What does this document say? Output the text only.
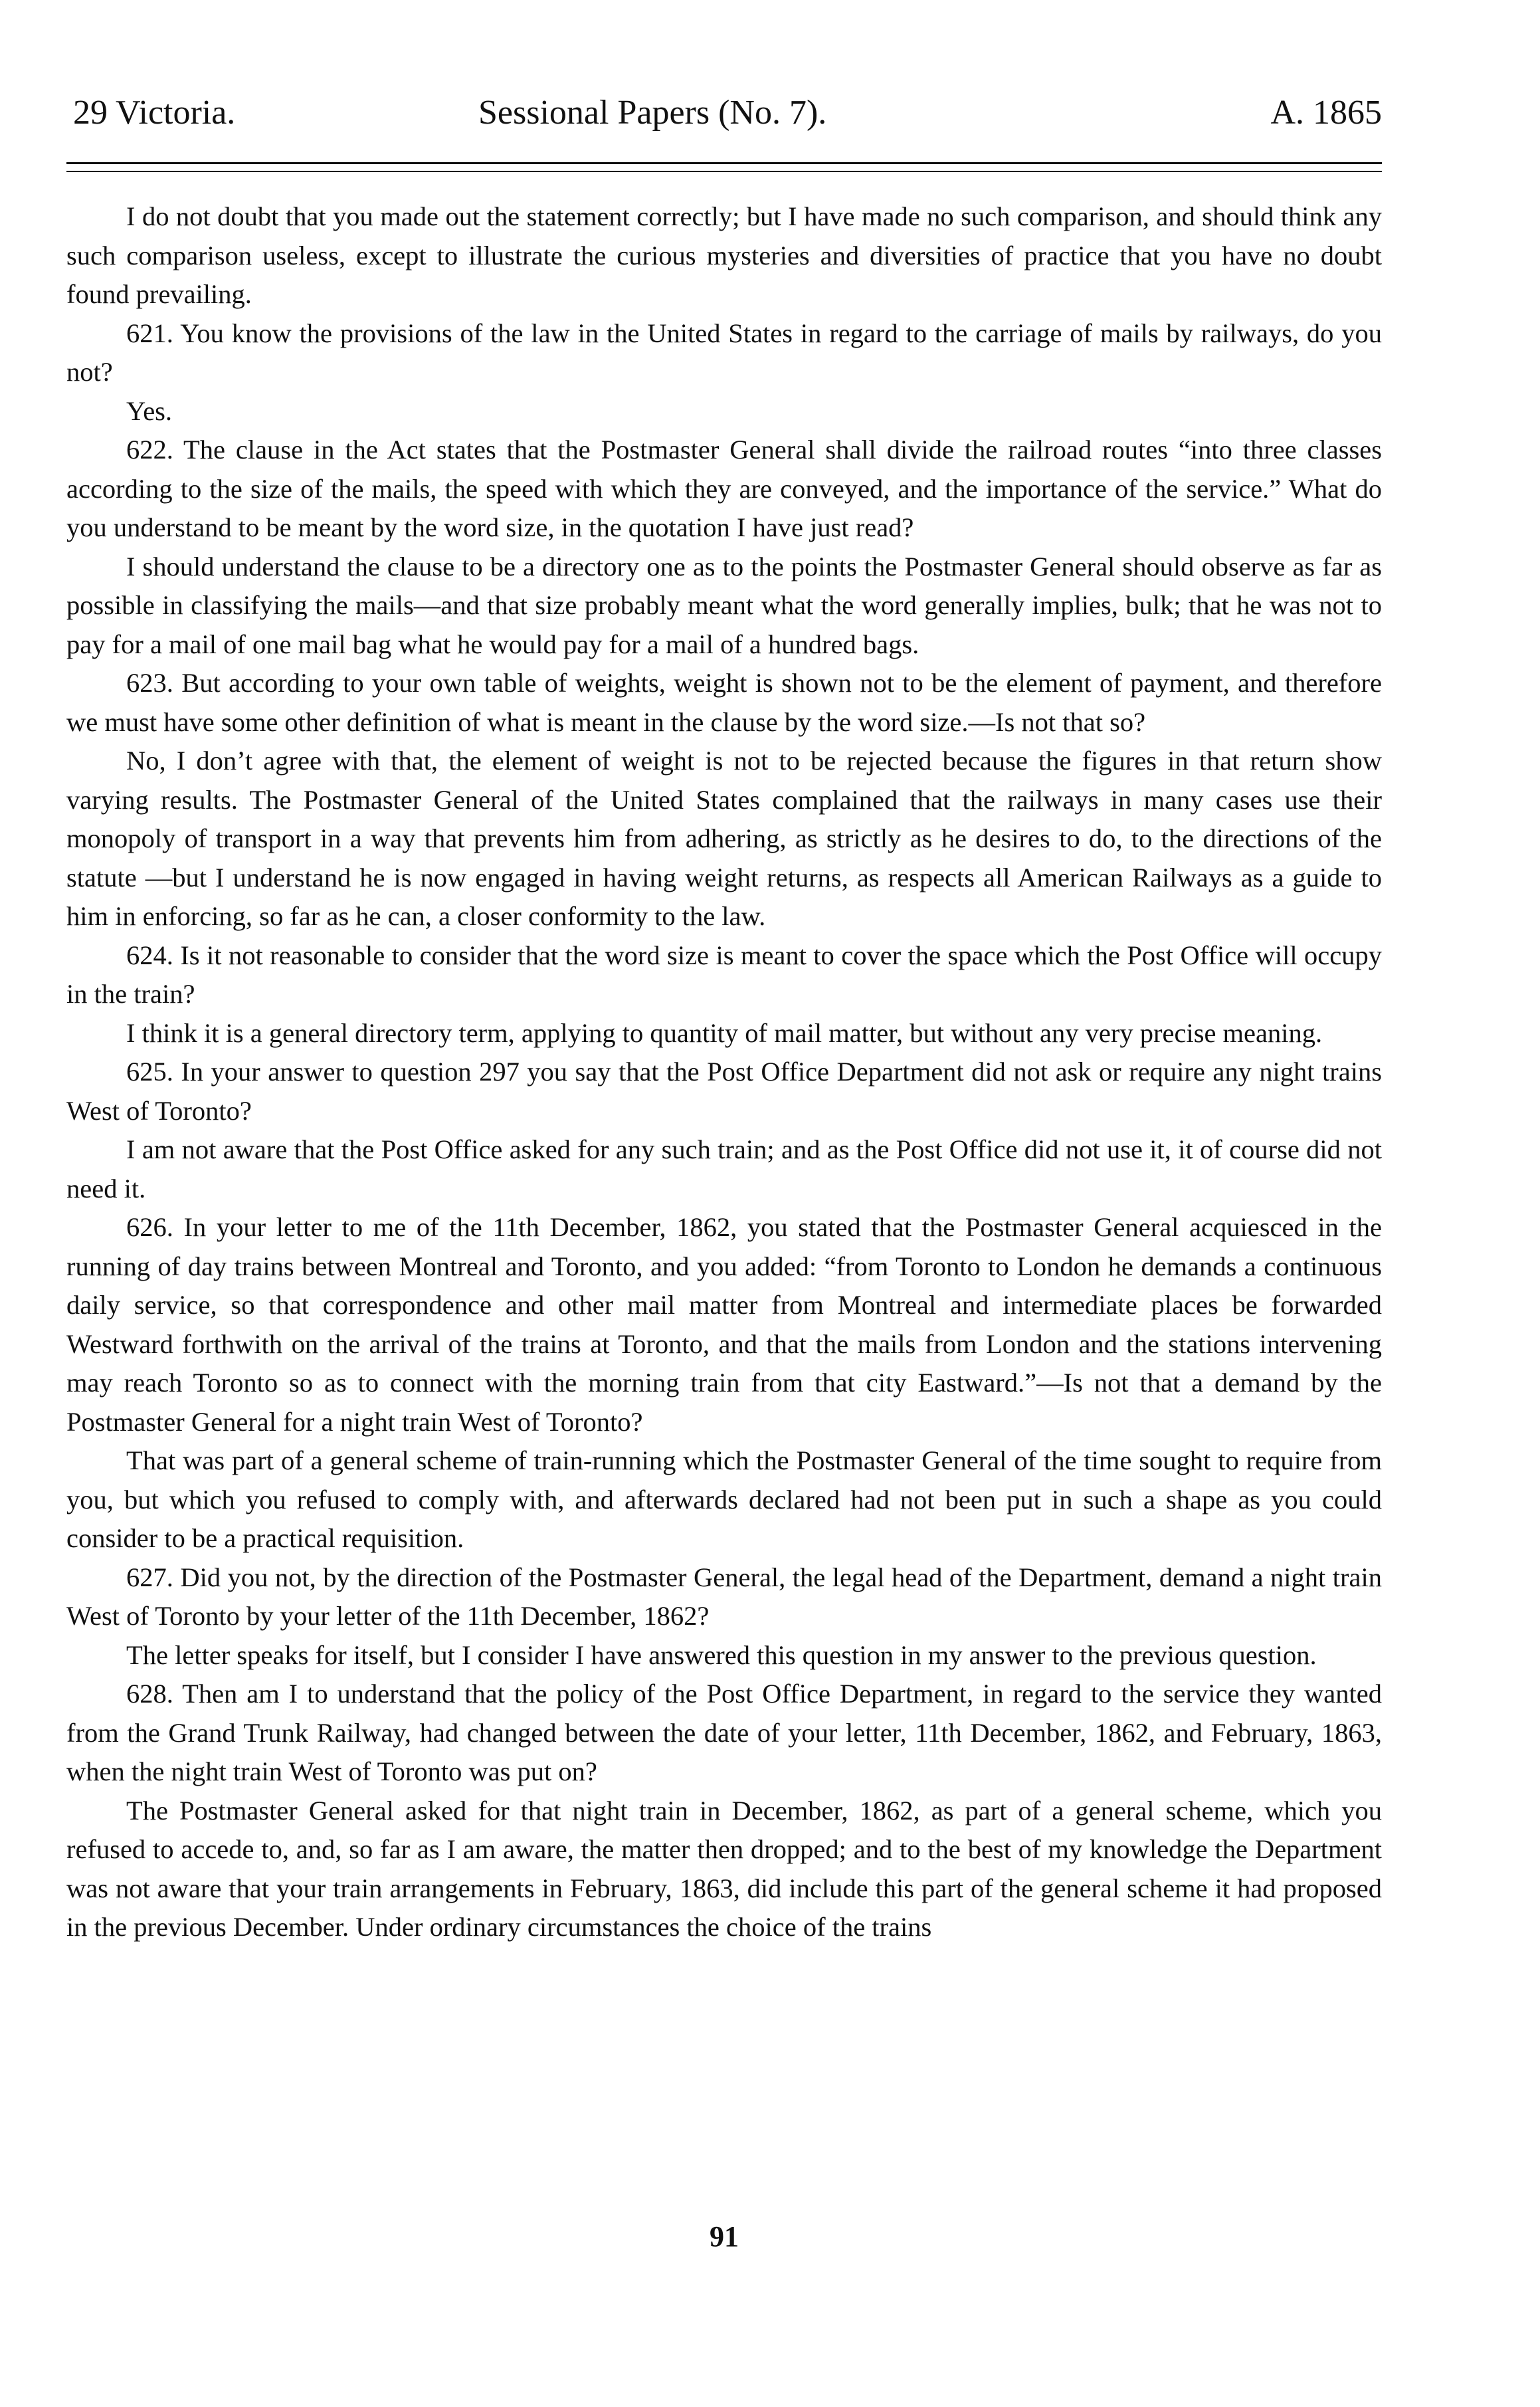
29 Victoria.	Sessional Papers (No. 7).	A. 1865

I do not doubt that you made out the statement correctly; but I have made no such comparison, and should think any such comparison useless, except to illustrate the curious mysteries and diversities of practice that you have no doubt found prevailing.

621. You know the provisions of the law in the United States in regard to the carriage of mails by railways, do you not?

Yes.

622. The clause in the Act states that the Postmaster General shall divide the railroad routes “into three classes according to the size of the mails, the speed with which they are conveyed, and the importance of the service.” What do you understand to be meant by the word size, in the quotation I have just read?

I should understand the clause to be a directory one as to the points the Postmaster General should observe as far as possible in classifying the mails—and that size probably meant what the word generally implies, bulk; that he was not to pay for a mail of one mail bag what he would pay for a mail of a hundred bags.

623. But according to your own table of weights, weight is shown not to be the element of payment, and therefore we must have some other definition of what is meant in the clause by the word size.—Is not that so?

No, I don’t agree with that, the element of weight is not to be rejected because the figures in that return show varying results. The Postmaster General of the United States complained that the railways in many cases use their monopoly of transport in a way that prevents him from adhering, as strictly as he desires to do, to the directions of the statute —but I understand he is now engaged in having weight returns, as respects all American Railways as a guide to him in enforcing, so far as he can, a closer conformity to the law.

624. Is it not reasonable to consider that the word size is meant to cover the space which the Post Office will occupy in the train?

I think it is a general directory term, applying to quantity of mail matter, but without any very precise meaning.

625. In your answer to question 297 you say that the Post Office Department did not ask or require any night trains West of Toronto?

I am not aware that the Post Office asked for any such train; and as the Post Office did not use it, it of course did not need it.

626. In your letter to me of the 11th December, 1862, you stated that the Postmaster General acquiesced in the running of day trains between Montreal and Toronto, and you added: “from Toronto to London he demands a continuous daily service, so that correspondence and other mail matter from Montreal and intermediate places be forwarded Westward forthwith on the arrival of the trains at Toronto, and that the mails from London and the stations intervening may reach Toronto so as to connect with the morning train from that city Eastward.”—Is not that a demand by the Postmaster General for a night train West of Toronto?

That was part of a general scheme of train-running which the Postmaster General of the time sought to require from you, but which you refused to comply with, and afterwards declared had not been put in such a shape as you could consider to be a practical requisition.

627. Did you not, by the direction of the Postmaster General, the legal head of the Department, demand a night train West of Toronto by your letter of the 11th December, 1862?

The letter speaks for itself, but I consider I have answered this question in my answer to the previous question.

628. Then am I to understand that the policy of the Post Office Department, in regard to the service they wanted from the Grand Trunk Railway, had changed between the date of your letter, 11th December, 1862, and February, 1863, when the night train West of Toronto was put on?

The Postmaster General asked for that night train in December, 1862, as part of a general scheme, which you refused to accede to, and, so far as I am aware, the matter then dropped; and to the best of my knowledge the Department was not aware that your train arrangements in February, 1863, did include this part of the general scheme it had proposed in the previous December. Under ordinary circumstances the choice of the trains

91
